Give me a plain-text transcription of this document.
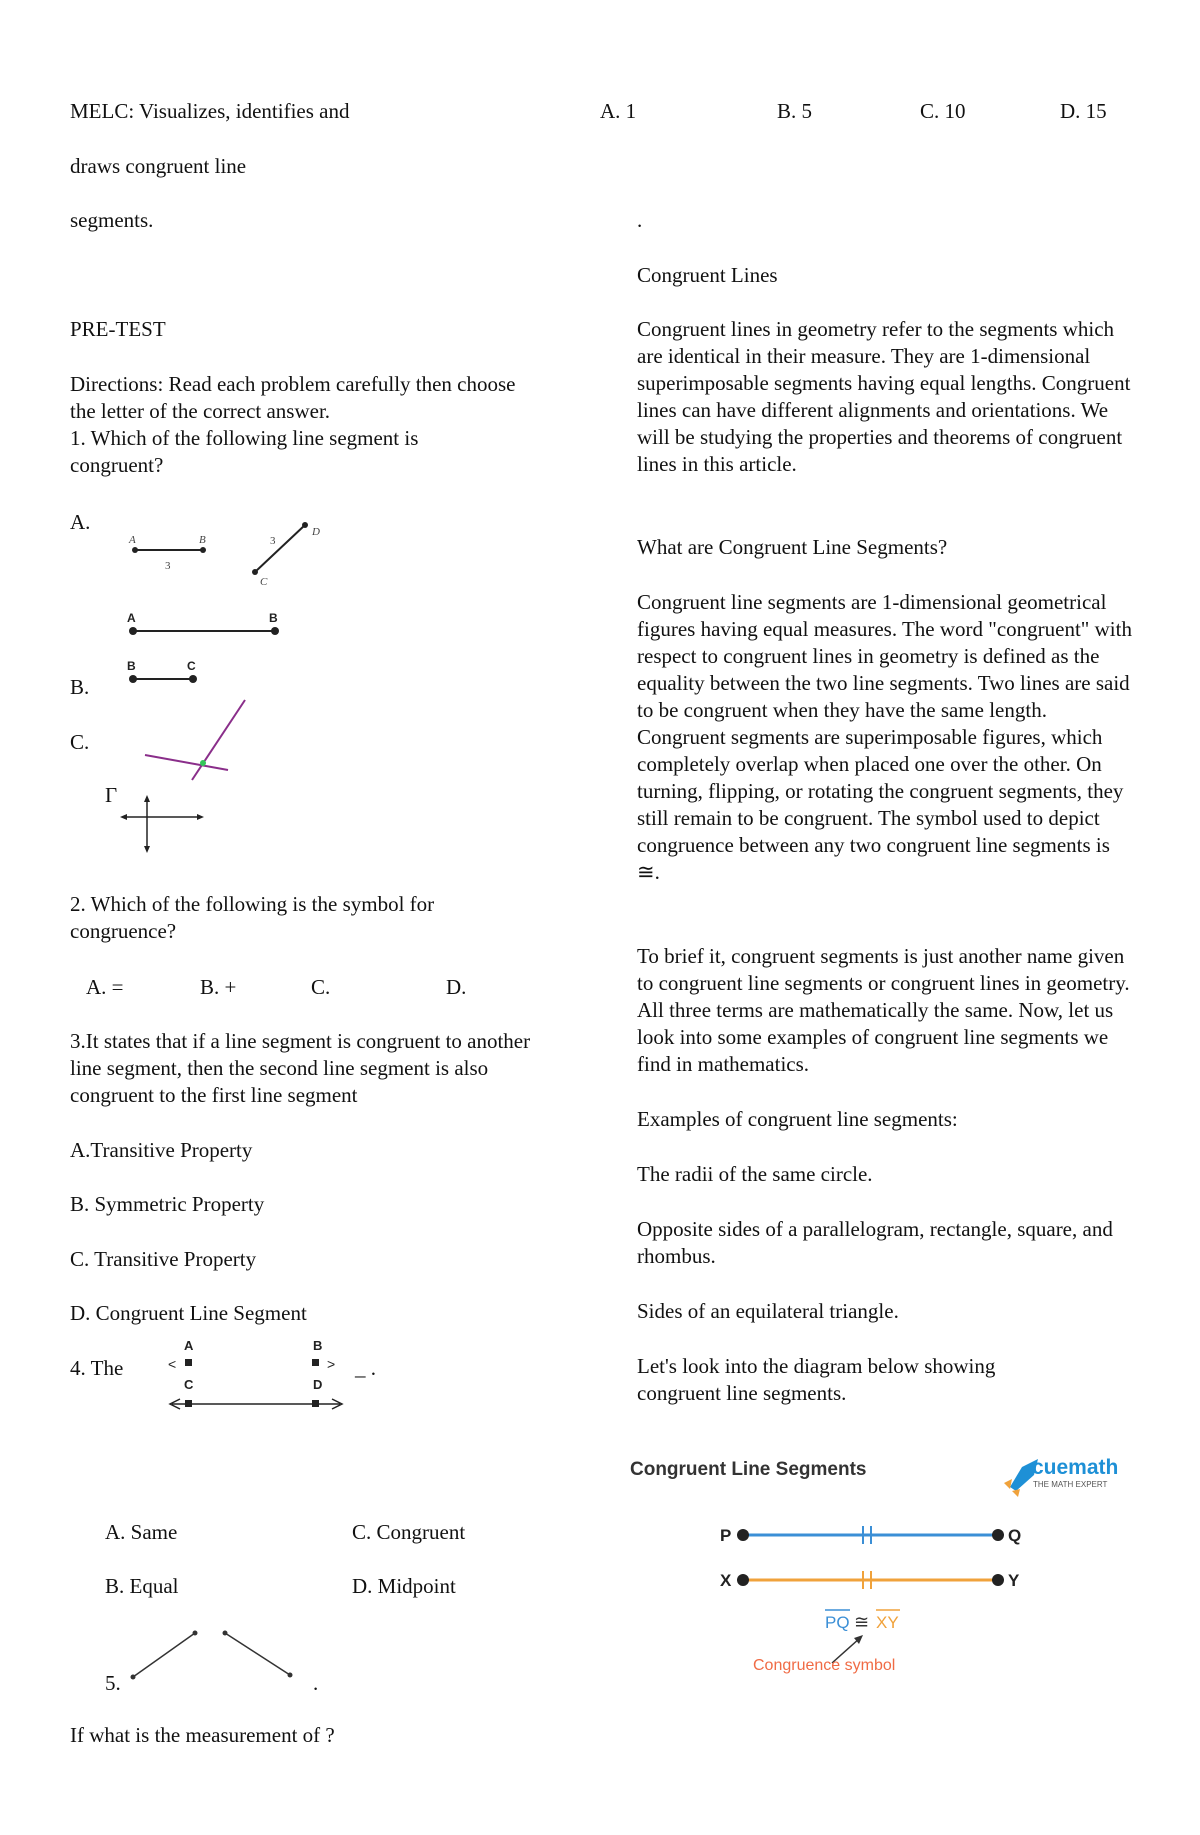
MELC: Visualizes, identifies and
draws congruent line
segments.
PRE-TEST
Directions: Read each problem carefully then choose the letter of the correct answer.
1. Which of the following line segment is congruent?
A.
A	B
3
D
C
3
A	B
B	C
B.
C.
Γ
2. Which of the following is the symbol for congruence?
A. =	B. +	C.	D.
3.It states that if a line segment is congruent to another line segment, then the second line segment is also congruent to the first line segment
A.Transitive Property
B. Symmetric Property
C. Transitive Property
D. Congruent Line Segment
4. The
A	B
<	>
C	D
_ .
A. Same	C. Congruent
B. Equal	D. Midpoint
5.	.
If what is the measurement of ?
A. 1	B. 5	C. 10	D. 15
.
Congruent Lines
Congruent lines in geometry refer to the segments which are identical in their measure. They are 1-dimensional superimposable segments having equal lengths. Congruent lines can have different alignments and orientations. We will be studying the properties and theorems of congruent lines in this article.
What are Congruent Line Segments?
Congruent line segments are 1-dimensional geometrical figures having equal measures. The word "congruent" with respect to congruent lines in geometry is defined as the equality between the two line segments. Two lines are said to be congruent when they have the same length. Congruent segments are superimposable figures, which completely overlap when placed one over the other. On turning, flipping, or rotating the congruent segments, they still remain to be congruent. The symbol used to depict congruence between any two congruent line segments is ≅.
To brief it, congruent segments is just another name given to congruent line segments or congruent lines in geometry. All three terms are mathematically the same. Now, let us look into some examples of congruent line segments we find in mathematics.
Examples of congruent line segments:
The radii of the same circle.
Opposite sides of a parallelogram, rectangle, square, and rhombus.
Sides of an equilateral triangle.
Let's look into the diagram below showing congruent line segments.
Congruent Line Segments	cuemath
THE MATH EXPERT
P	Q
X	Y
PQ ≅ XY
Congruence symbol
